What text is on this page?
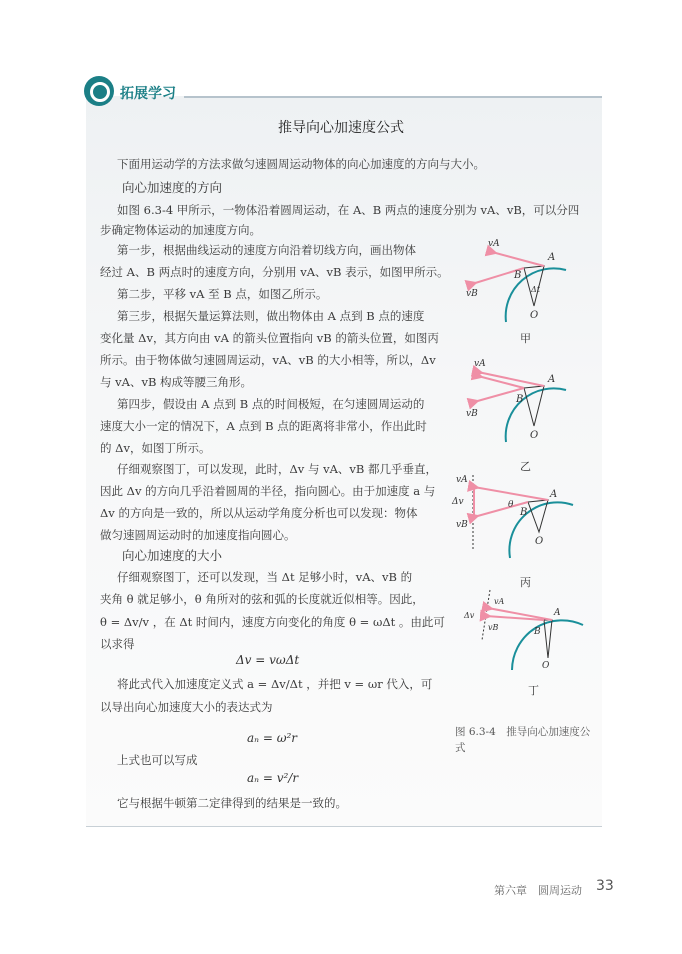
拓展学习
推导向心加速度公式
下面用运动学的方法求做匀速圆周运动物体的向心加速度的方向与大小。
向心加速度的方向
如图 6.3-4 甲所示，一物体沿着圆周运动，在 A、B 两点的速度分别为 vA、vB，可以分四
步确定物体运动的加速度方向。
第一步，根据曲线运动的速度方向沿着切线方向，画出物体
经过 A、B 两点时的速度方向，分别用 vA、vB 表示，如图甲所示。
第二步，平移 vA 至 B 点，如图乙所示。
第三步，根据矢量运算法则，做出物体由 A 点到 B 点的速度
变化量 Δv，其方向由 vA 的箭头位置指向 vB 的箭头位置，如图丙
所示。由于物体做匀速圆周运动，vA、vB 的大小相等，所以，Δv
与 vA、vB 构成等腰三角形。
第四步，假设由 A 点到 B 点的时间极短，在匀速圆周运动的
速度大小一定的情况下，A 点到 B 点的距离将非常小，作出此时
的 Δv，如图丁所示。
仔细观察图丁，可以发现，此时，Δv 与 vA、vB 都几乎垂直，
因此 Δv 的方向几乎沿着圆周的半径，指向圆心。由于加速度 a 与
Δv 的方向是一致的，所以从运动学角度分析也可以发现：物体
做匀速圆周运动时的加速度指向圆心。
向心加速度的大小
仔细观察图丁，还可以发现，当 Δt 足够小时，vA、vB 的
夹角 θ 就足够小，θ 角所对的弦和弧的长度就近似相等。因此，
θ = Δv/v ，在 Δt 时间内，速度方向变化的角度 θ = ωΔt 。由此可
以求得
Δv = vωΔt
将此式代入加速度定义式 a = Δv/Δt ，并把 v = ωr 代入，可
以导出向心加速度大小的表达式为
aₙ = ω²r
上式也可以写成
aₙ = v²/r
它与根据牛顿第二定律得到的结果是一致的。
vA
A
B
vB
O
Δt
vA
A
B
vB
O
vA
Δv
vB
A
B
θ
O
vA
Δv
vB
A
B
O
甲
乙
丙
丁
图 6.3-4　推导向心加速度公式
第六章　圆周运动 33
